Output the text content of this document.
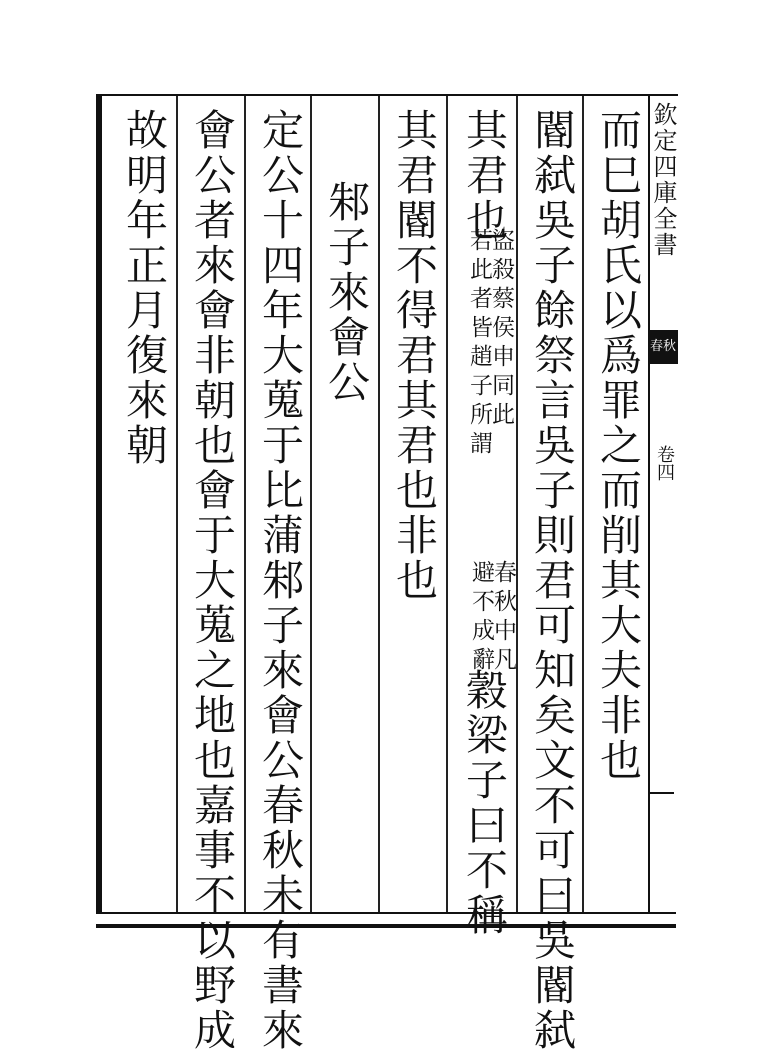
欽定四庫全書
春秋
卷四
而巳胡氏以爲罪之而削其大夫非也
閽弑吳子餘祭言吳子則君可知矣文不可曰吳閽弑
其君也
盜殺蔡侯申同此
若此者皆趙子所謂
春秋中凡
避不成辭
穀梁子曰不稱
其君閽不得君其君也非也
邾子來會公
定公十四年大蒐于比蒲邾子來會公春秋未有書來
會公者來會非朝也會于大蒐之地也嘉事不以野成
故明年正月復來朝
